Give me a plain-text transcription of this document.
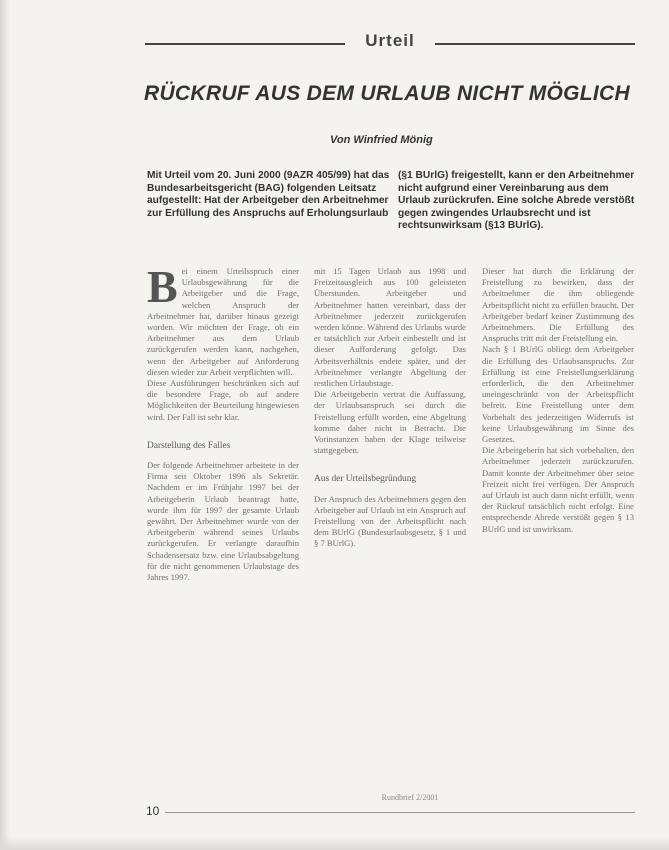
Urteil
RÜCKRUF AUS DEM URLAUB NICHT MÖGLICH
Von Winfried Mönig
Mit Urteil vom 20. Juni 2000 (9AZR 405/99) hat das Bundesarbeitsgericht (BAG) folgenden Leitsatz aufgestellt: Hat der Arbeitgeber den Arbeitnehmer zur Erfüllung des Anspruchs auf Erholungsurlaub
(§1 BUrlG) freigestellt, kann er den Arbeitnehmer nicht aufgrund einer Vereinbarung aus dem Urlaub zurückrufen. Eine solche Abrede verstößt gegen zwingendes Urlaubsrecht und ist rechtsunwirksam (§13 BUrlG).
B ei einem Urteilsspruch einer Urlaubsgewährung für die Arbeitgeber und die Frage, welchen Anspruch der Arbeitnehmer hat, darüber hinaus gezeigt worden. Wir möchten der Frage, ob ein Arbeitnehmer aus dem Urlaub zurückgerufen werden kann, nachgehen, wenn der Arbeitgeber auf Anforderung diesen wieder zur Arbeit verpflichten will.

Diese Ausführungen beschränken sich auf die besondere Frage, ob auf andere Möglichkeiten der Beurteilung hingewiesen wird. Der Fall ist sehr klar.

Darstellung des Falles

Der folgende Arbeitnehmer arbeitete in der Firma seit Oktober 1996 als Sekretär. Nachdem er im Frühjahr 1997 bei der Arbeitgeberin Urlaub beantragt hatte, wurde ihm für 1997 der gesamte Urlaub gewährt. Der Arbeitnehmer wurde von der Arbeitgeberin während seines Urlaubs zurückgerufen. Er verlangte daraufhin Schadensersatz bzw. eine Urlaubsabgeltung für die nicht genommenen Urlaubstage des Jahres 1997.

mit 15 Tagen Urlaub aus 1998 und Freizeitausgleich aus 100 geleisteten Überstunden. Arbeitgeber und Arbeitnehmer hatten vereinbart, dass der Arbeitnehmer jederzeit zurückgerufen werden könne. Während des Urlaubs wurde er tatsächlich zur Arbeit einbestellt und ist dieser Aufforderung gefolgt. Das Arbeitsverhältnis endete später, und der Arbeitnehmer verlangte Abgeltung der restlichen Urlaubstage.

Die Arbeitgeberin vertrat die Auffassung, der Urlaubsanspruch sei durch die Freistellung erfüllt worden, eine Abgeltung komme daher nicht in Betracht. Die Vorinstanzen haben der Klage teilweise stattgegeben.

Aus der Urteilsbegründung

Der Anspruch des Arbeitnehmers gegen den Arbeitgeber auf Urlaub ist ein Anspruch auf Freistellung von der Arbeitspflicht nach dem BUrlG (Bundesurlaubsgesetz, § 1 und § 7 BUrlG).

Dieser hat durch die Erklärung der Freistellung zu bewirken, dass der Arbeitnehmer die ihm obliegende Arbeitspflicht nicht zu erfüllen braucht. Der Arbeitgeber bedarf keiner Zustimmung des Arbeitnehmers. Die Erfüllung des Anspruchs tritt mit der Freistellung ein.

Nach § 1 BUrlG obliegt dem Arbeitgeber die Erfüllung des Urlaubsanspruchs. Zur Erfüllung ist eine Freistellungserklärung erforderlich, die den Arbeitnehmer uneingeschränkt von der Arbeitspflicht befreit. Eine Freistellung unter dem Vorbehalt des jederzeitigen Widerrufs ist keine Urlaubsgewährung im Sinne des Gesetzes.

Die Arbeitgeberin hat sich vorbehalten, den Arbeitnehmer jederzeit zurückzurufen. Damit konnte der Arbeitnehmer über seine Freizeit nicht frei verfügen. Der Anspruch auf Urlaub ist auch dann nicht erfüllt, wenn der Rückruf tatsächlich nicht erfolgt. Eine entsprechende Abrede verstößt gegen § 13 BUrlG und ist unwirksam.

Rundbrief 2/2001
10
